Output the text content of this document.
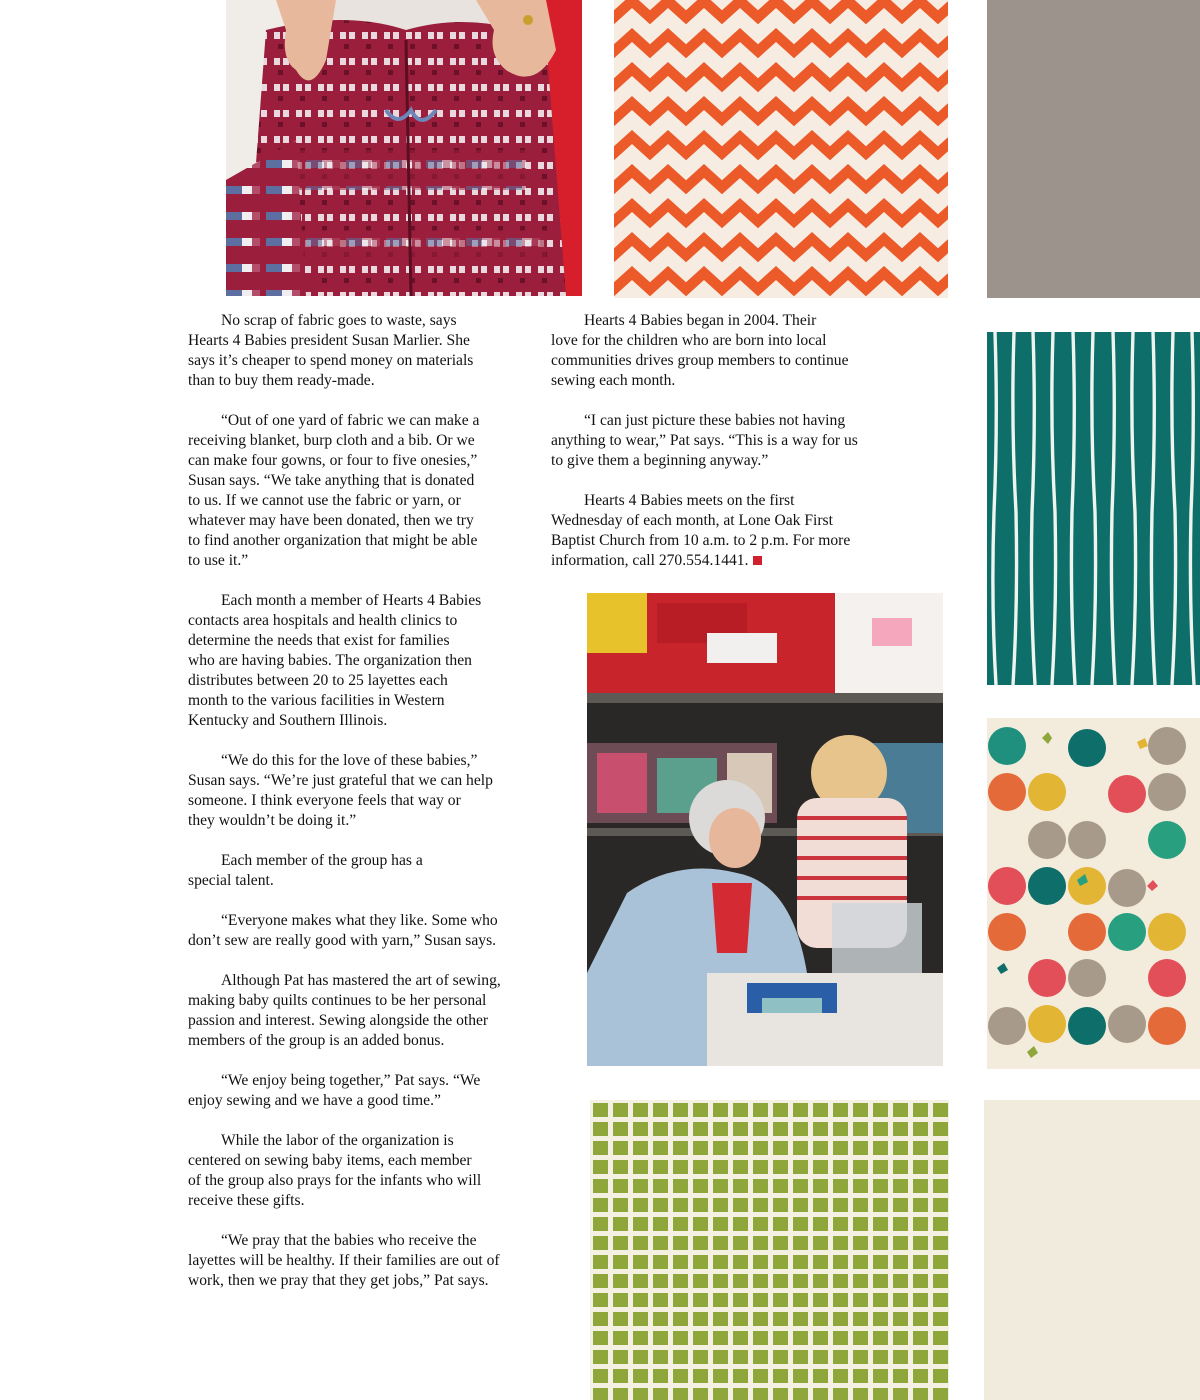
No scrap of fabric goes to waste, says
Hearts 4 Babies president Susan Marlier. She
says it’s cheaper to spend money on materials
than to buy them ready-made.

“Out of one yard of fabric we can make a
receiving blanket, burp cloth and a bib. Or we
can make four gowns, or four to five onesies,”
Susan says. “We take anything that is donated
to us. If we cannot use the fabric or yarn, or
whatever may have been donated, then we try
to find another organization that might be able
to use it.”

Each month a member of Hearts 4 Babies
contacts area hospitals and health clinics to
determine the needs that exist for families
who are having babies. The organization then
distributes between 20 to 25 layettes each
month to the various facilities in Western
Kentucky and Southern Illinois.

“We do this for the love of these babies,”
Susan says. “We’re just grateful that we can help
someone. I think everyone feels that way or
they wouldn’t be doing it.”

Each member of the group has a
special talent.

“Everyone makes what they like. Some who
don’t sew are really good with yarn,” Susan says.

Although Pat has mastered the art of sewing,
making baby quilts continues to be her personal
passion and interest. Sewing alongside the other
members of the group is an added bonus.

“We enjoy being together,” Pat says. “We
enjoy sewing and we have a good time.”

While the labor of the organization is
centered on sewing baby items, each member
of the group also prays for the infants who will
receive these gifts.

“We pray that the babies who receive the
layettes will be healthy. If their families are out of
work, then we pray that they get jobs,” Pat says.

Hearts 4 Babies began in 2004. Their
love for the children who are born into local
communities drives group members to continue
sewing each month.

“I can just picture these babies not having
anything to wear,” Pat says. “This is a way for us
to give them a beginning anyway.”

Hearts 4 Babies meets on the first
Wednesday of each month, at Lone Oak First
Baptist Church from 10 a.m. to 2 p.m. For more
information, call 270.554.1441.
